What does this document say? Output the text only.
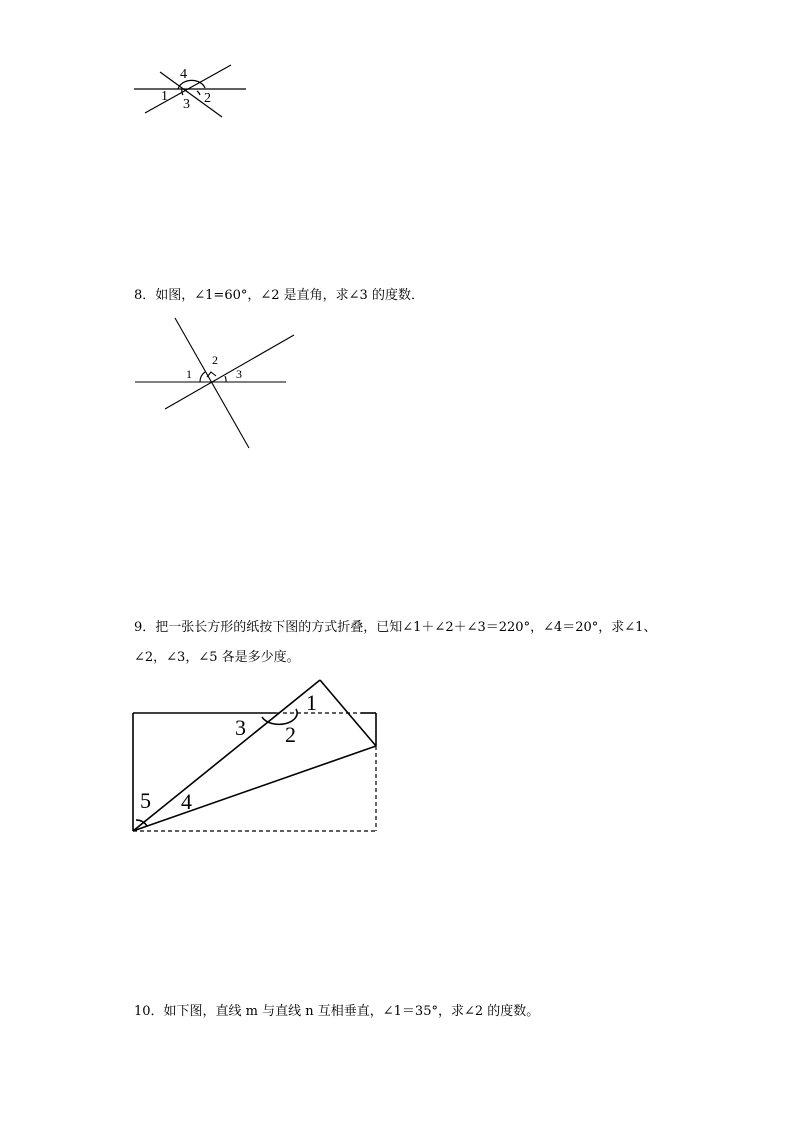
4
1	2
3
8．如图，∠1=60°，∠2 是直角，求∠3 的度数．
1
2
3
9．把一张长方形的纸按下图的方式折叠，已知∠1＋∠2＋∠3＝220°，∠4＝20°，求∠1、
∠2，∠3，∠5 各是多少度。
1
2
3
4
5
10．如下图，直线 m 与直线 n 互相垂直，∠1＝35°，求∠2 的度数。
